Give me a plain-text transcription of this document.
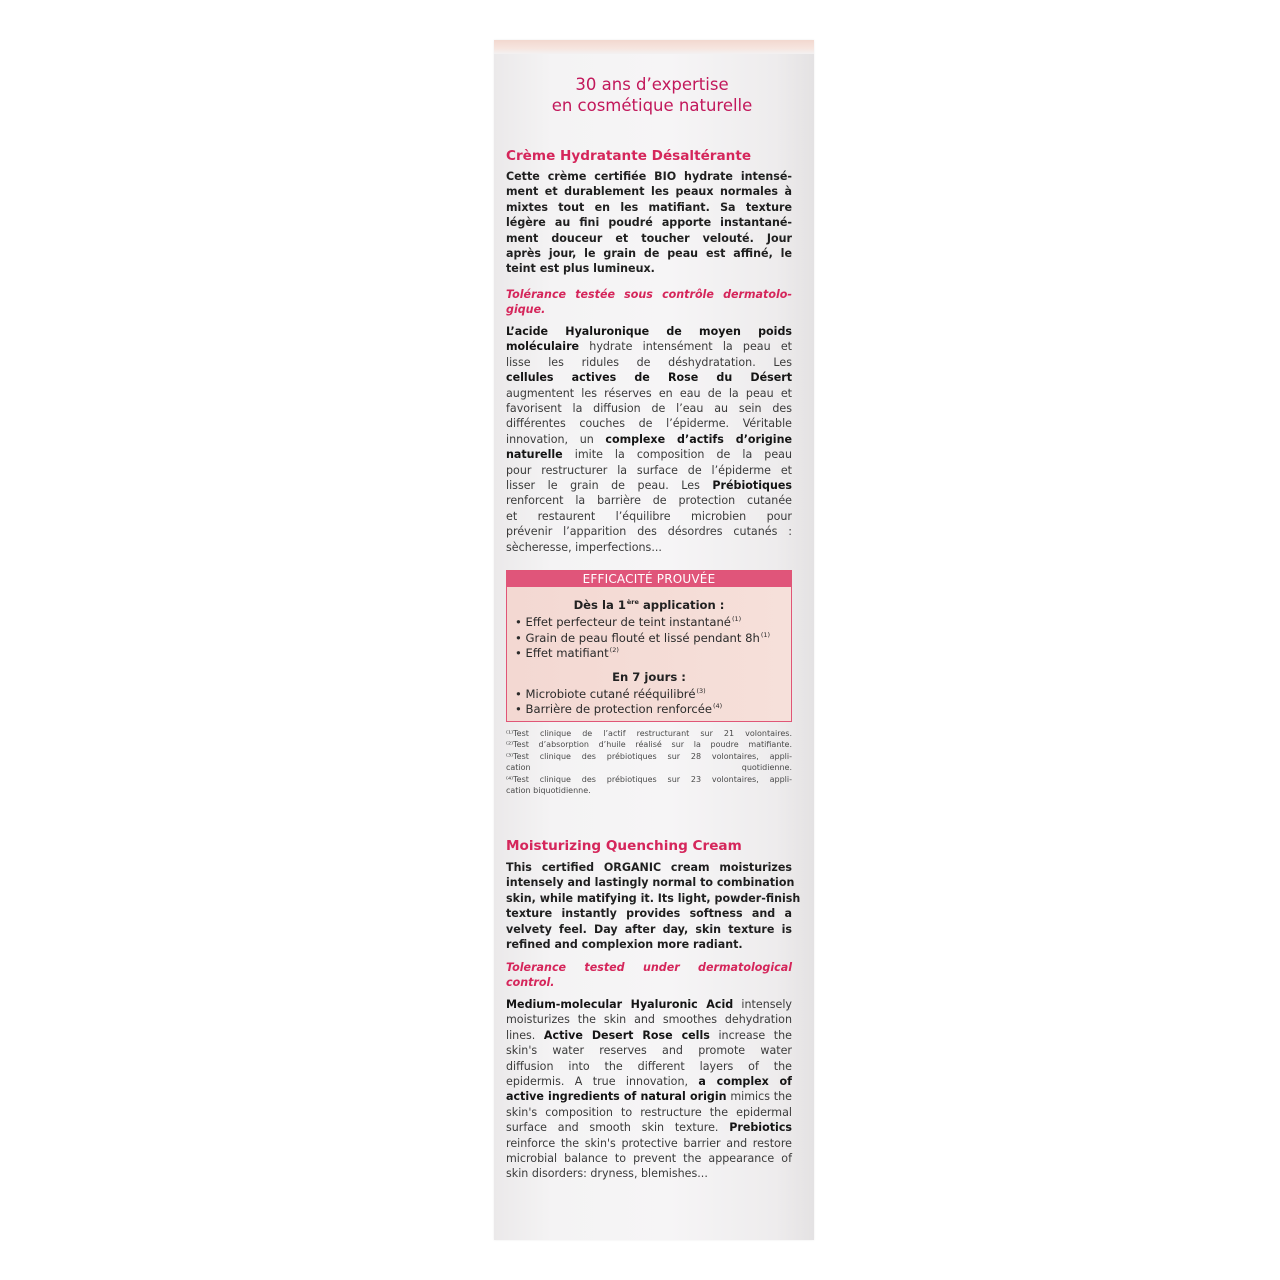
30 ans d’expertise
en cosmétique naturelle
Crème Hydratante Désaltérante
Cette crème certifiée BIO hydrate intensé-
ment et durablement les peaux normales à
mixtes tout en les matifiant. Sa texture
légère au fini poudré apporte instantané-
ment douceur et toucher velouté. Jour
après jour, le grain de peau est affiné, le
teint est plus lumineux.
Tolérance testée sous contrôle dermatolo-
gique.
L’acide Hyaluronique de moyen poids
moléculaire hydrate intensément la peau et
lisse les ridules de déshydratation. Les
cellules actives de Rose du Désert
augmentent les réserves en eau de la peau et
favorisent la diffusion de l’eau au sein des
différentes couches de l’épiderme. Véritable
innovation, un complexe d’actifs d’origine
naturelle imite la composition de la peau
pour restructurer la surface de l’épiderme et
lisser le grain de peau. Les Prébiotiques
renforcent la barrière de protection cutanée
et restaurent l’équilibre microbien pour
prévenir l’apparition des désordres cutanés :
sècheresse, imperfections...
EFFICACITÉ PROUVÉE
Dès la 1ère application :
• Effet perfecteur de teint instantané$^{(1)}$
• Grain de peau flouté et lissé pendant $8h^{(1)}$
• Effet matifiant$^{(2)}$
En 7 jours :
• Microbiote cutané rééquilibré$^{(3)}$
• Barrière de protection renforcée$^{(4)}$
⁽¹⁾Test clinique de l’actif restructurant sur 21 volontaires.
⁽²⁾Test d’absorption d’huile réalisé sur la poudre matifiante.
⁽³⁾Test clinique des prébiotiques sur 28 volontaires, appli-
cation quotidienne.
⁽⁴⁾Test clinique des prébiotiques sur 23 volontaires, appli-
cation biquotidienne.
Moisturizing Quenching Cream
This certified ORGANIC cream moisturizes
intensely and lastingly normal to combination
skin, while matifying it. Its light, powder-finish
texture instantly provides softness and a
velvety feel. Day after day, skin texture is
refined and complexion more radiant.
Tolerance tested under dermatological
control.
Medium-molecular Hyaluronic Acid intensely
moisturizes the skin and smoothes dehydration
lines. Active Desert Rose cells increase the
skin's water reserves and promote water
diffusion into the different layers of the
epidermis. A true innovation, a complex of
active ingredients of natural origin mimics the
skin's composition to restructure the epidermal
surface and smooth skin texture. Prebiotics
reinforce the skin's protective barrier and restore
microbial balance to prevent the appearance of
skin disorders: dryness, blemishes...
